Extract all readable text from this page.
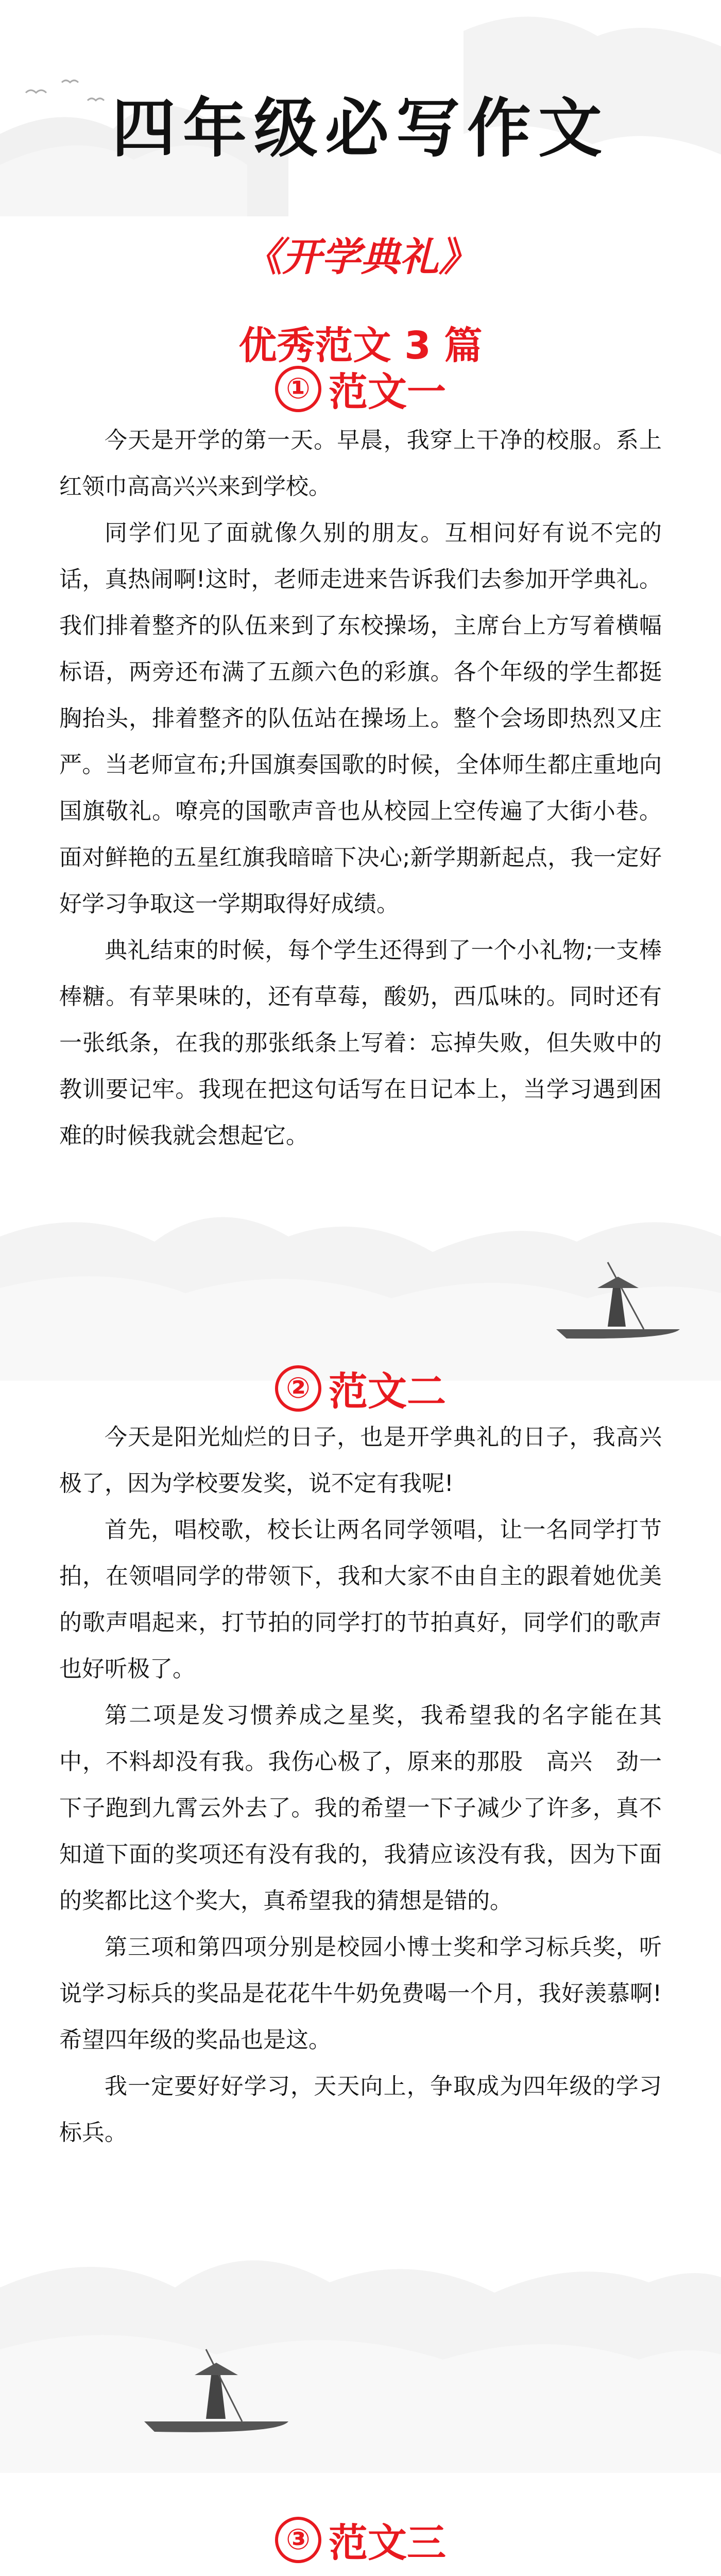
四年级必写作文
《开学典礼》
优秀范文 3 篇
① 范文一

今天是开学的第一天。早晨，我穿上干净的校服。系上红领巾高高兴兴来到学校。

同学们见了面就像久别的朋友。互相问好有说不完的话，真热闹啊!这时，老师走进来告诉我们去参加开学典礼。我们排着整齐的队伍来到了东校操场，主席台上方写着横幅标语，两旁还布满了五颜六色的彩旗。各个年级的学生都挺胸抬头，排着整齐的队伍站在操场上。整个会场即热烈又庄严。当老师宣布;升国旗奏国歌的时候，全体师生都庄重地向国旗敬礼。嘹亮的国歌声音也从校园上空传遍了大街小巷。面对鲜艳的五星红旗我暗暗下决心;新学期新起点，我一定好好学习争取这一学期取得好成绩。

典礼结束的时候，每个学生还得到了一个小礼物;一支棒棒糖。有苹果味的，还有草莓，酸奶，西瓜味的。同时还有一张纸条，在我的那张纸条上写着：忘掉失败，但失败中的教训要记牢。我现在把这句话写在日记本上，当学习遇到困难的时候我就会想起它。

② 范文二

今天是阳光灿烂的日子，也是开学典礼的日子，我高兴极了，因为学校要发奖，说不定有我呢!

首先，唱校歌，校长让两名同学领唱，让一名同学打节拍，在领唱同学的带领下，我和大家不由自主的跟着她优美的歌声唱起来，打节拍的同学打的节拍真好，同学们的歌声也好听极了。

第二项是发习惯养成之星奖，我希望我的名字能在其中，不料却没有我。我伤心极了，原来的那股　高兴　劲一下子跑到九霄云外去了。我的希望一下子减少了许多，真不知道下面的奖项还有没有我的，我猜应该没有我，因为下面的奖都比这个奖大，真希望我的猜想是错的。

第三项和第四项分别是校园小博士奖和学习标兵奖，听说学习标兵的奖品是花花牛牛奶免费喝一个月，我好羡慕啊!希望四年级的奖品也是这。

我一定要好好学习，天天向上，争取成为四年级的学习标兵。

③ 范文三
